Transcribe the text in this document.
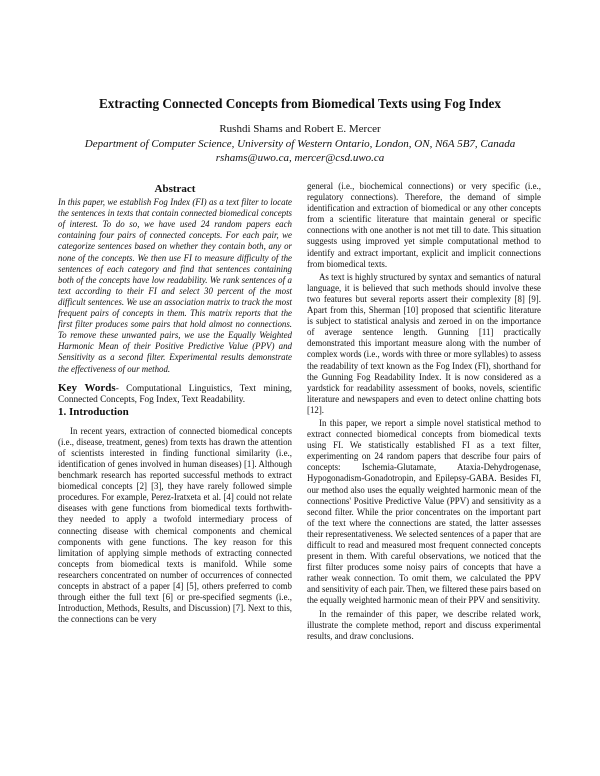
Extracting Connected Concepts from Biomedical Texts using Fog Index
Rushdi Shams and Robert E. Mercer
Department of Computer Science, University of Western Ontario, London, ON, N6A 5B7, Canada
rshams@uwo.ca, mercer@csd.uwo.ca
Abstract

In this paper, we establish Fog Index (FI) as a text filter to locate the sentences in texts that contain connected biomedical concepts of interest. To do so, we have used 24 random papers each containing four pairs of connected concepts. For each pair, we categorize sentences based on whether they contain both, any or none of the concepts. We then use FI to measure difficulty of the sentences of each category and find that sentences containing both of the concepts have low readability. We rank sentences of a text according to their FI and select 30 percent of the most difficult sentences. We use an association matrix to track the most frequent pairs of concepts in them. This matrix reports that the first filter produces some pairs that hold almost no connections. To remove these unwanted pairs, we use the Equally Weighted Harmonic Mean of their Positive Predictive Value (PPV) and Sensitivity as a second filter. Experimental results demonstrate the effectiveness of our method.

Key Words- Computational Linguistics, Text mining, Connected Concepts, Fog Index, Text Readability.

1. Introduction

In recent years, extraction of connected biomedical concepts (i.e., disease, treatment, genes) from texts has drawn the attention of scientists interested in finding functional similarity (i.e., identification of genes involved in human diseases) [1]. Although benchmark research has reported successful methods to extract biomedical concepts [2] [3], they have rarely followed simple procedures. For example, Perez-Iratxeta et al. [4] could not relate diseases with gene functions from biomedical texts forthwith- they needed to apply a twofold intermediary process of connecting disease with chemical components and chemical components with gene functions. The key reason for this limitation of applying simple methods of extracting connected concepts from biomedical texts is manifold. While some researchers concentrated on number of occurrences of connected concepts in abstract of a paper [4] [5], others preferred to comb through either the full text [6] or pre-specified segments (i.e., Introduction, Methods, Results, and Discussion) [7]. Next to this, the connections can be very

general (i.e., biochemical connections) or very specific (i.e., regulatory connections). Therefore, the demand of simple identification and extraction of biomedical or any other concepts from a scientific literature that maintain general or specific connections with one another is not met till to date. This situation suggests using improved yet simple computational method to identify and extract important, explicit and implicit connections from biomedical texts.

As text is highly structured by syntax and semantics of natural language, it is believed that such methods should involve these two features but several reports assert their complexity [8] [9]. Apart from this, Sherman [10] proposed that scientific literature is subject to statistical analysis and zeroed in on the importance of average sentence length. Gunning [11] practically demonstrated this important measure along with the number of complex words (i.e., words with three or more syllables) to assess the readability of text known as the Fog Index (FI), shorthand for the Gunning Fog Readability Index. It is now considered as a yardstick for readability assessment of books, novels, scientific literature and newspapers and even to detect online chatting bots [12].

In this paper, we report a simple novel statistical method to extract connected biomedical concepts from biomedical texts using FI. We statistically established FI as a text filter, experimenting on 24 random papers that describe four pairs of concepts: Ischemia-Glutamate, Ataxia-Dehydrogenase, Hypogonadism-Gonadotropin, and Epilepsy-GABA. Besides FI, our method also uses the equally weighted harmonic mean of the connections' Positive Predictive Value (PPV) and sensitivity as a second filter. While the prior concentrates on the important part of the text where the connections are stated, the latter assesses their representativeness. We selected sentences of a paper that are difficult to read and measured most frequent connected concepts present in them. With careful observations, we noticed that the first filter produces some noisy pairs of concepts that have a rather weak connection. To omit them, we calculated the PPV and sensitivity of each pair. Then, we filtered these pairs based on the equally weighted harmonic mean of their PPV and sensitivity.

In the remainder of this paper, we describe related work, illustrate the complete method, report and discuss experimental results, and draw conclusions.
